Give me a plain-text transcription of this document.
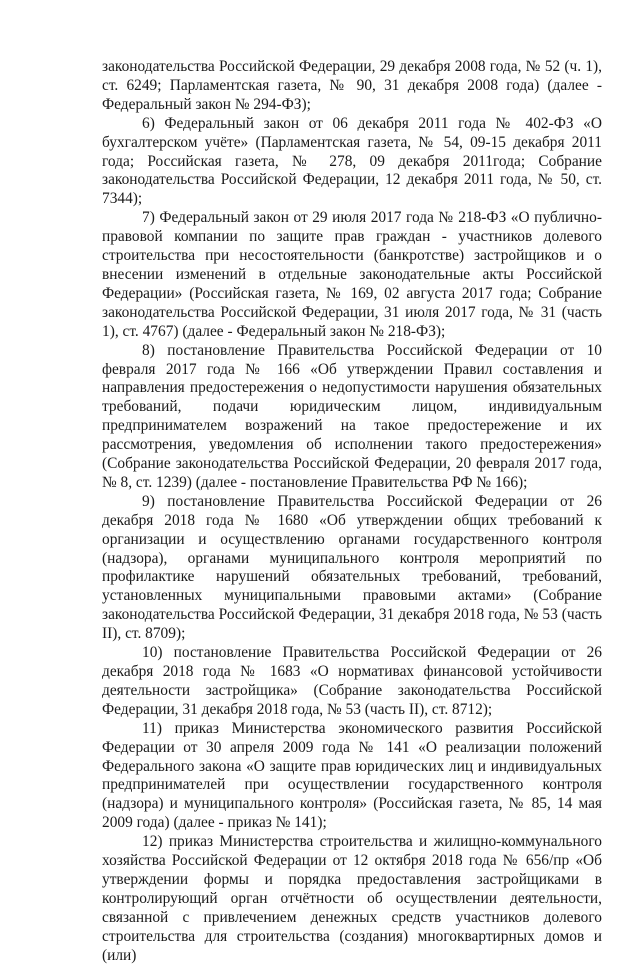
законодательства Российской Федерации, 29 декабря 2008 года, № 52 (ч. 1), ст. 6249; Парламентская газета, № 90, 31 декабря 2008 года) (далее - Федеральный закон № 294-ФЗ);

6) Федеральный закон от 06 декабря 2011 года № 402-ФЗ «О бухгалтерском учёте» (Парламентская газета, № 54, 09-15 декабря 2011 года; Российская газета, № 278, 09 декабря 2011года; Собрание законодательства Российской Федерации, 12 декабря 2011 года, № 50, ст. 7344);

7) Федеральный закон от 29 июля 2017 года № 218-ФЗ «О публично-правовой компании по защите прав граждан - участников долевого строительства при несостоятельности (банкротстве) застройщиков и о внесении изменений в отдельные законодательные акты Российской Федерации» (Российская газета, № 169, 02 августа 2017 года; Собрание законодательства Российской Федерации, 31 июля 2017 года, № 31 (часть 1), ст. 4767) (далее - Федеральный закон № 218-ФЗ);

8) постановление Правительства Российской Федерации от 10 февраля 2017 года № 166 «Об утверждении Правил составления и направления предостережения о недопустимости нарушения обязательных требований, подачи юридическим лицом, индивидуальным предпринимателем возражений на такое предостережение и их рассмотрения, уведомления об исполнении такого предостережения» (Собрание законодательства Российской Федерации, 20 февраля 2017 года, № 8, ст. 1239) (далее - постановление Правительства РФ № 166);

9) постановление Правительства Российской Федерации от 26 декабря 2018 года № 1680 «Об утверждении общих требований к организации и осуществлению органами государственного контроля (надзора), органами муниципального контроля мероприятий по профилактике нарушений обязательных требований, требований, установленных муниципальными правовыми актами» (Собрание законодательства Российской Федерации, 31 декабря 2018 года, № 53 (часть II), ст. 8709);

10) постановление Правительства Российской Федерации от 26 декабря 2018 года № 1683 «О нормативах финансовой устойчивости деятельности застройщика» (Собрание законодательства Российской Федерации, 31 декабря 2018 года, № 53 (часть II), ст. 8712);

11) приказ Министерства экономического развития Российской Федерации от 30 апреля 2009 года № 141 «О реализации положений Федерального закона «О защите прав юридических лиц и индивидуальных предпринимателей при осуществлении государственного контроля (надзора) и муниципального контроля» (Российская газета, № 85, 14 мая 2009 года) (далее - приказ № 141);

12) приказ Министерства строительства и жилищно-коммунального хозяйства Российской Федерации от 12 октября 2018 года № 656/пр «Об утверждении формы и порядка предоставления застройщиками в контролирующий орган отчётности об осуществлении деятельности, связанной с привлечением денежных средств участников долевого строительства для строительства (создания) многоквартирных домов и (или)
